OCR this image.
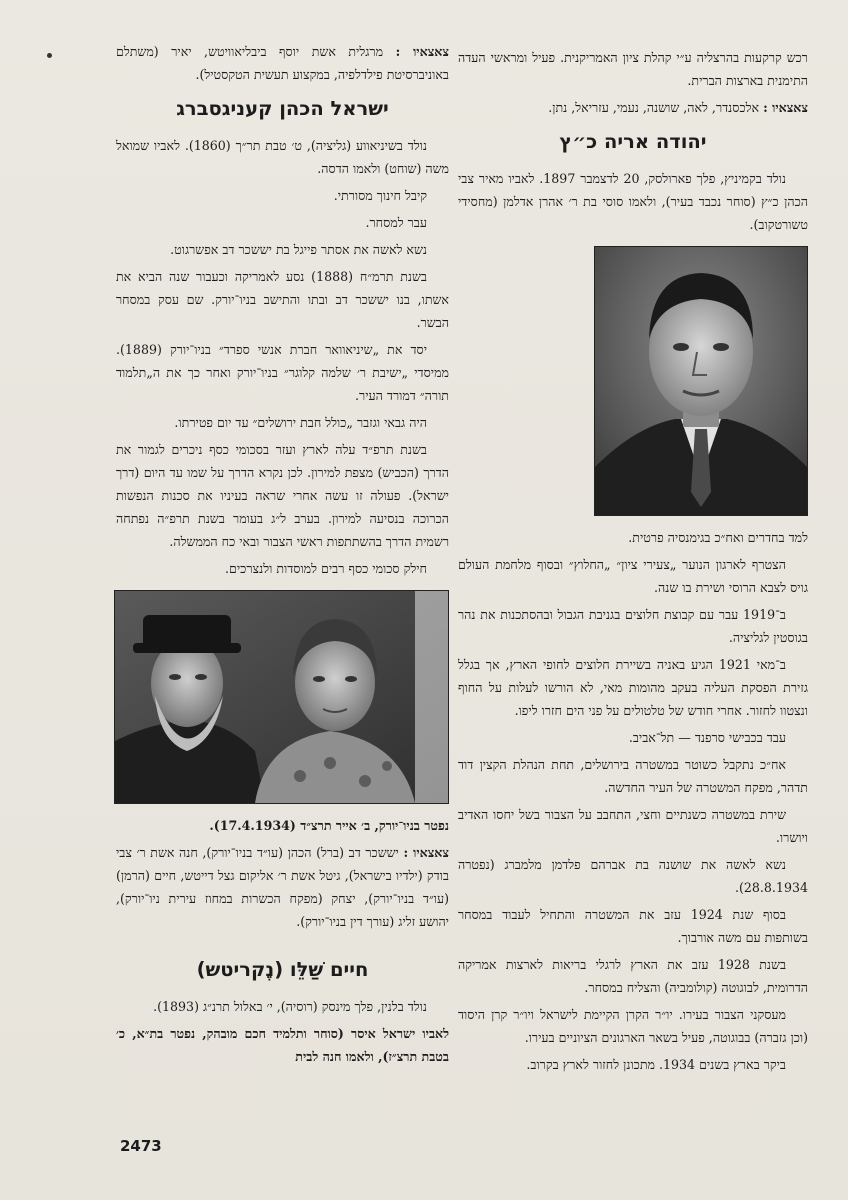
רכש קרקעות בהרצליה ע״י קהלת ציון האמריקנית. פעיל ומראשי העדה התימנית בארצות הברית.

צאצאיו : אלכסנדר, לאה, שושנה, נעמי, עזריאל, נתן.

יהודה אריה כ״ץ

נולד בקמיניץ, פלך פארולסק, 20 לדצמבר 1897. לאביו מאיר צבי הכהן כ״ץ (סוחר נכבד בעיר), ולאמו סוסי בת ר׳ אהרן אדלמן (מחסידי טשורטקוב).

למד בחדרים ואח״כ בגימנסיה פרטית.

הצטרף לארגון הנוער „צעירי ציון״ „החלוץ״ ובסוף מלחמת העולם גויס לצבא הרוסי ושירת בו שנה.

ב־1919 עבר עם קבוצת חלוצים בגניבת הגבול ובהסתכנות את נהר בגוסטין לגליציה.

ב־מאי 1921 הגיע באניה בשיירת חלוצים לחופי הארץ, אך בגלל גזירת הפסקת העליה בעקב מהומות מאי, לא הורשו לעלות על החוף ונצטוו לחזור. אחרי חודש של טלטולים על פני הים חזרו ליפו.

עבד בכבישי סרפנד — תל־אביב.

אח״כ נתקבל כשוטר במשטרה בירושלים, תחת הנהלת הקצין דוד תדהר, מפקח המשטרה של העיר החדשה.

שירת במשטרה כשנתיים וחצי, התחבב על הצבור בשל יחסו האדיב ויושרו.

נשא לאשה את שושנה בת אברהם פלדמן מלמברג (נפטרה 28.8.1934).

בסוף שנת 1924 עזב את המשטרה והתחיל לעבוד במסחר בשותפות עם משה אורבוך.

בשנת 1928 עזב את הארץ לרגלי בריאות לארצות אמריקה הדרומית, לבוגוטה (קולומביה) והצליח במסחר.

מעסקני הצבור בעירו. יו״ר הקרן הקיימת לישראל ויו״ר קרן היסוד (וכן גזברה) בבוגוטה, פעיל בשאר הארגונים הציוניים בעירו.

ביקר בארץ בשנים 1934. מתכונן לחזור לארץ בקרוב.

צאצאיו : מרגלית אשת יוסף ביבליאוויטש, יאיר (משתלם באוניברסיטת פילדלפיה, במקצוע תעשית הטקסטיל).

ישראל הכהן קעניגסברג

נולד בשיניאווע (גליציה), ט׳ טבת תר״ך (1860). לאביו שמואל משה (שוחט) ולאמו הדסה.

קיבל חינוך מסורתי.

עבר למסחר.

נשא לאשה את אסתר פייגל בת יששכר דב אפשרגוט.

בשנת תרמ״ח (1888) נסע לאמריקה וכעבור שנה הביא את אשתו, בנו יששכר דב ובתו והתישב בניו־יורק. שם עסק במסחר הבשר.

יסד את „שיניאוואר חברת אנשי ספרד״ בניו־יורק (1889). ממיסדי „ישיבת ר׳ שלמה קלוגר״ בניו־יורק ואחר כך את ה„תלמוד תורה״ דמורד העיר.

היה גבאי וגזבר „כולל חבת ירושלים״ עד יום פטירתו.

בשנת תרפ״ד עלה לארץ ועזר בסכומי כסף ניכרים לגמור את הדרך (הכביש) מצפת למירון. לכן נקרא הדרך על שמו עד היום (דרך ישראל). פעולה זו עשה אחרי שראה בעיניו את סכנות הנפשות הכרוכה בנסיעה למירון. בערב ל״ג בעומר בשנת תרפ״ה נפתחה רשמית הדרך בהשתתפות ראשי הצבור ובאי כח הממשלה.

חילק סכומי כסף רבים למוסדות ולנצרכים.

נפטר בניו־יורק, ב׳ אייר תרצ״ד (17.4.1934).

צאצאיו : יששכר דב (ברל) הכהן (עו״ד בניו־יורק), חנה אשת ר׳ צבי בודק (ילדיו בישראל), גיטל אשת ר׳ אליקום גצל דייטש, חיים (הרמן) (עו״ד בניו־יורק), יצחק (מפקח הכשרות במחוז עירית ניו־יורק), יהושע זליג (עורך דין בניו־יורק).

חיים שַׁלֵּו (נֶקריטש)

נולד בלנין, פלך מינסק (רוסיה), י׳ באלול תרנ״ג (1893).

לאביו ישראל איסר (סוחר ותלמיד חכם מובהק, נפטר בת״א, כ׳ בטבת תרצ״ז), ולאמו חנה לבית

2473
